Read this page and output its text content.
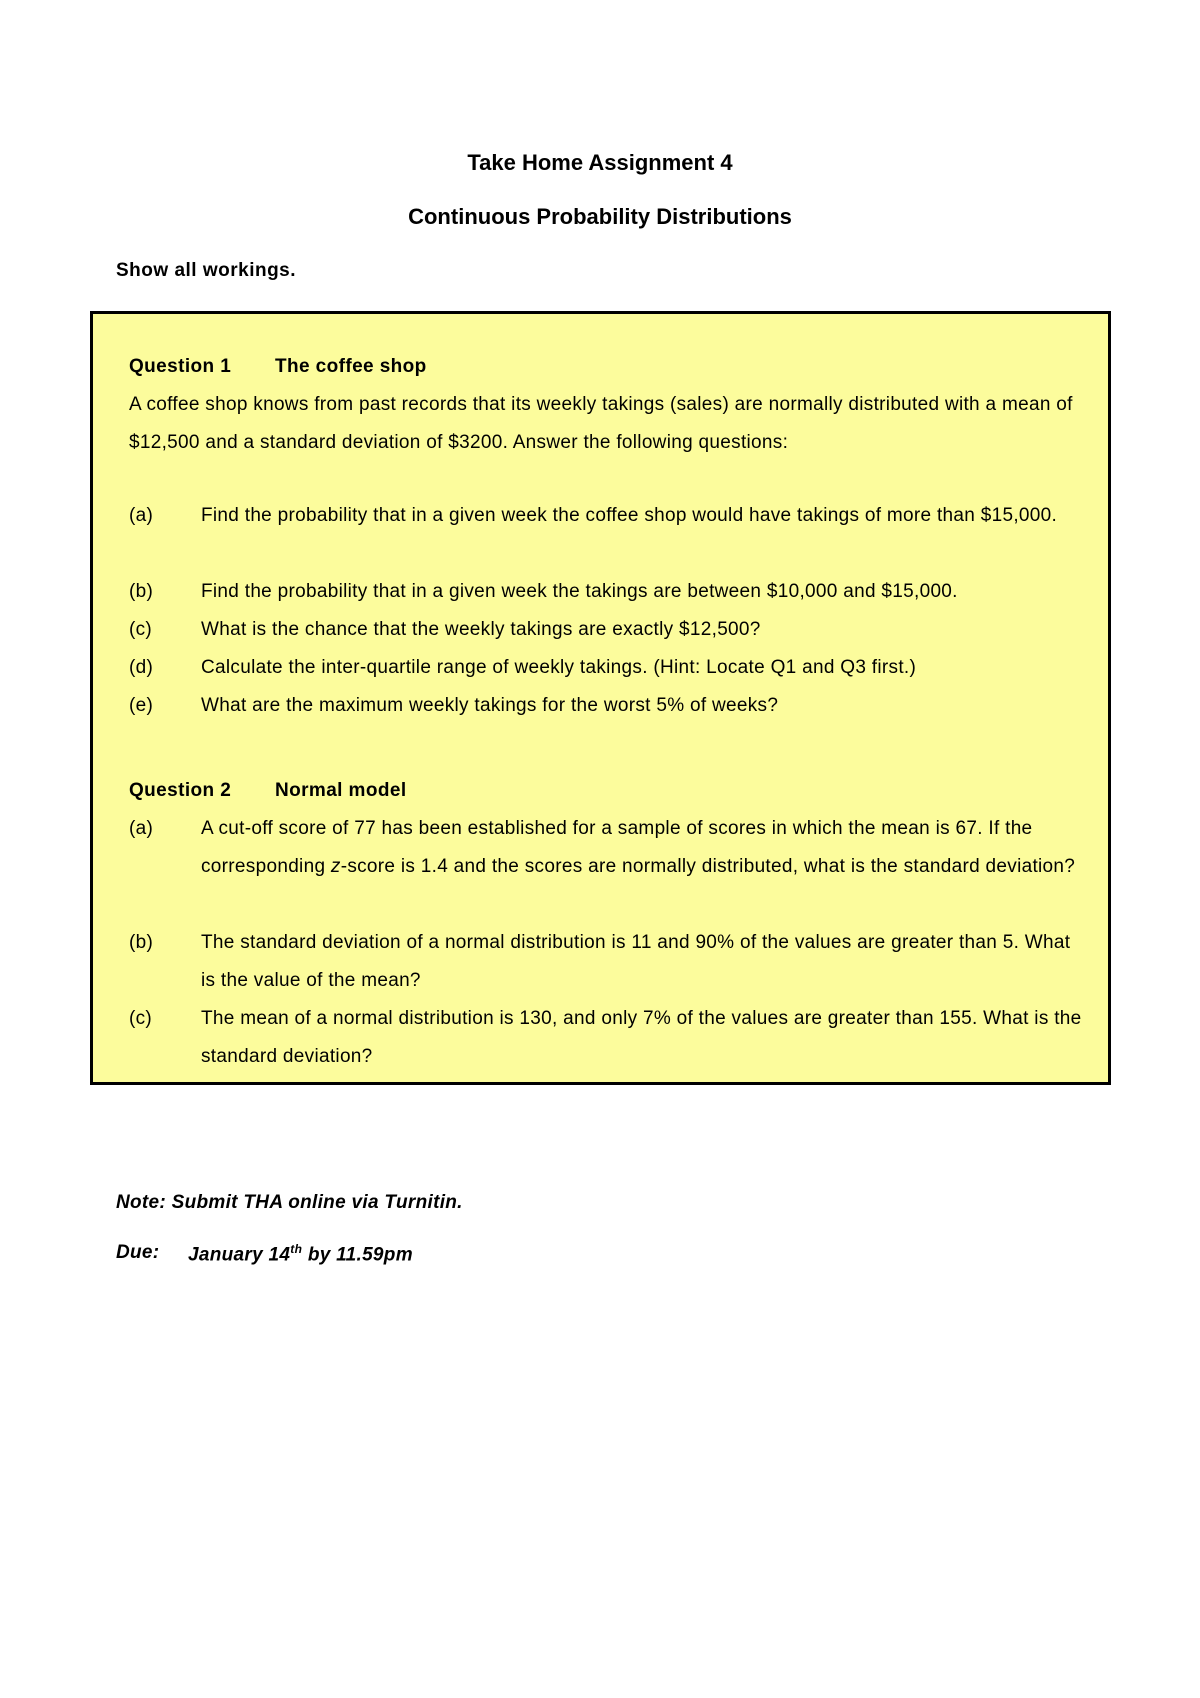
Take Home Assignment 4
Continuous Probability Distributions
Show all workings.
Question 1 The coffee shop
A coffee shop knows from past records that its weekly takings (sales) are normally distributed with a mean of $12,500 and a standard deviation of $3200. Answer the following questions:
(a)	Find the probability that in a given week the coffee shop would have takings of more than $15,000.
(b)	Find the probability that in a given week the takings are between $10,000 and $15,000.
(c)	What is the chance that the weekly takings are exactly $12,500?
(d)	Calculate the inter-quartile range of weekly takings. (Hint: Locate Q1 and Q3 first.)
(e)	What are the maximum weekly takings for the worst 5% of weeks?
Question 2 Normal model
(a)	A cut-off score of 77 has been established for a sample of scores in which the mean is 67. If the corresponding z-score is 1.4 and the scores are normally distributed, what is the standard deviation?
(b)	The standard deviation of a normal distribution is 11 and 90% of the values are greater than 5. What is the value of the mean?
(c)	The mean of a normal distribution is 130, and only 7% of the values are greater than 155. What is the standard deviation?
Note: Submit THA online via Turnitin.
Due: January 14th by 11.59pm
